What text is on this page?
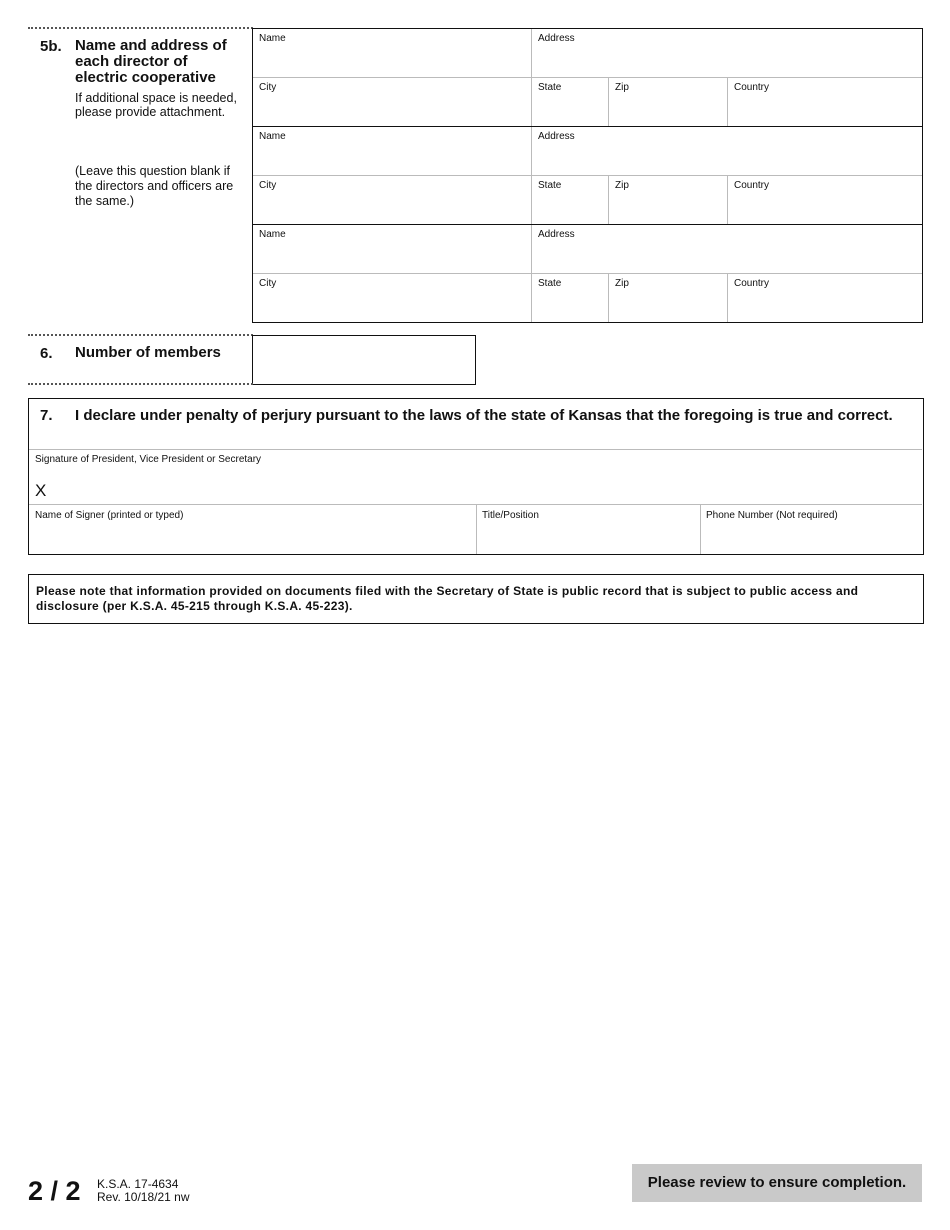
5b. Name and address of each director of electric cooperative
If additional space is needed, please provide attachment.
(Leave this question blank if the directors and officers are the same.)
Name	Address
City	State	Zip	Country
Name	Address
City	State	Zip	Country
Name	Address
City	State	Zip	Country
6. Number of members
7. I declare under penalty of perjury pursuant to the laws of the state of Kansas that the foregoing is true and correct.
Signature of President, Vice President or Secretary
X
Name of Signer (printed or typed)	Title/Position	Phone Number (Not required)
Please note that information provided on documents filed with the Secretary of State is public record that is subject to public access and disclosure (per K.S.A. 45-215 through K.S.A. 45-223).
2 / 2 K.S.A. 17-4634
Rev. 10/18/21 nw
Please review to ensure completion.
